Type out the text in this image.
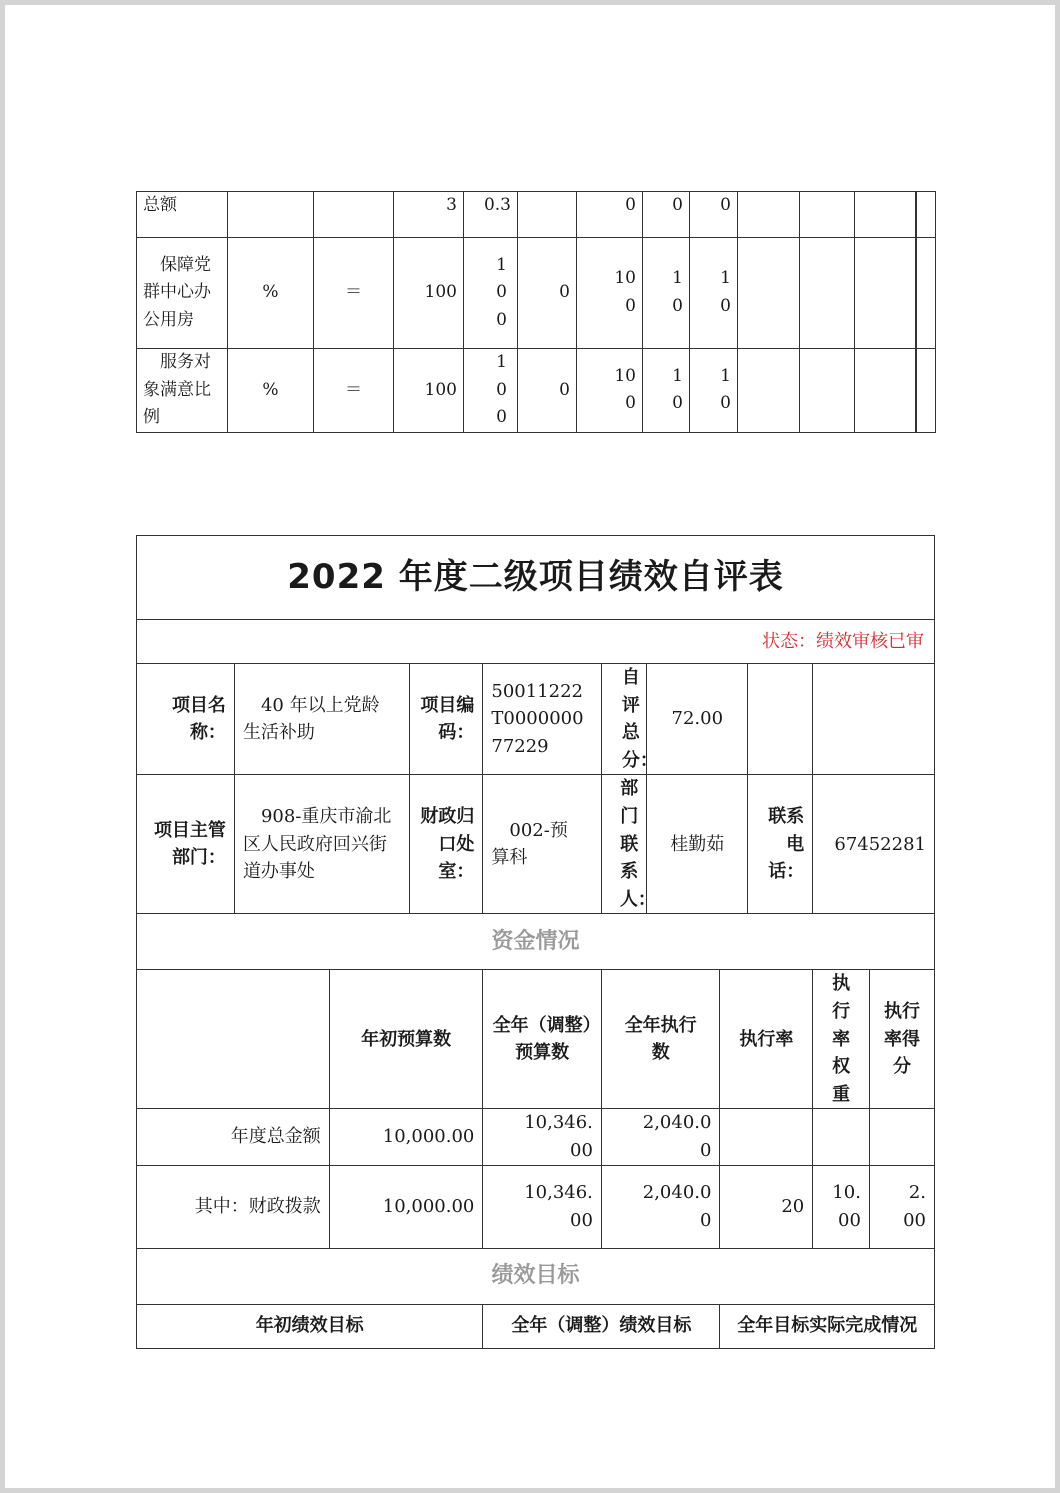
总额			3	0.3		0	0	0					
保障党群中心办公用房	%	＝	100	100	0	100	10	10					
服务对象满意比例	%	＝	100	100	0	100	10	10					
2022 年度二级项目绩效自评表										
状态：绩效审核已审										
项目名称：	40 年以上党龄生活补助		项目编码：	50011222T000000077229	自评总分：	72.00				
项目主管部门：	908-重庆市渝北区人民政府回兴街道办事处		财政归口处室：	002-预算科	部门联系人：	桂勤茹		联系电话：	67452281	
资金情况										
		年初预算数		全年（调整）预算数	全年执行数		执行率		执行率权重	执行率得分
年度总金额		10,000.00		10,346.00	2,040.00					
其中：财政拨款		10,000.00		10,346.00	2,040.00		20		10.00	2.00
绩效目标										
年初绩效目标				全年（调整）绩效目标			全年目标实际完成情况			
